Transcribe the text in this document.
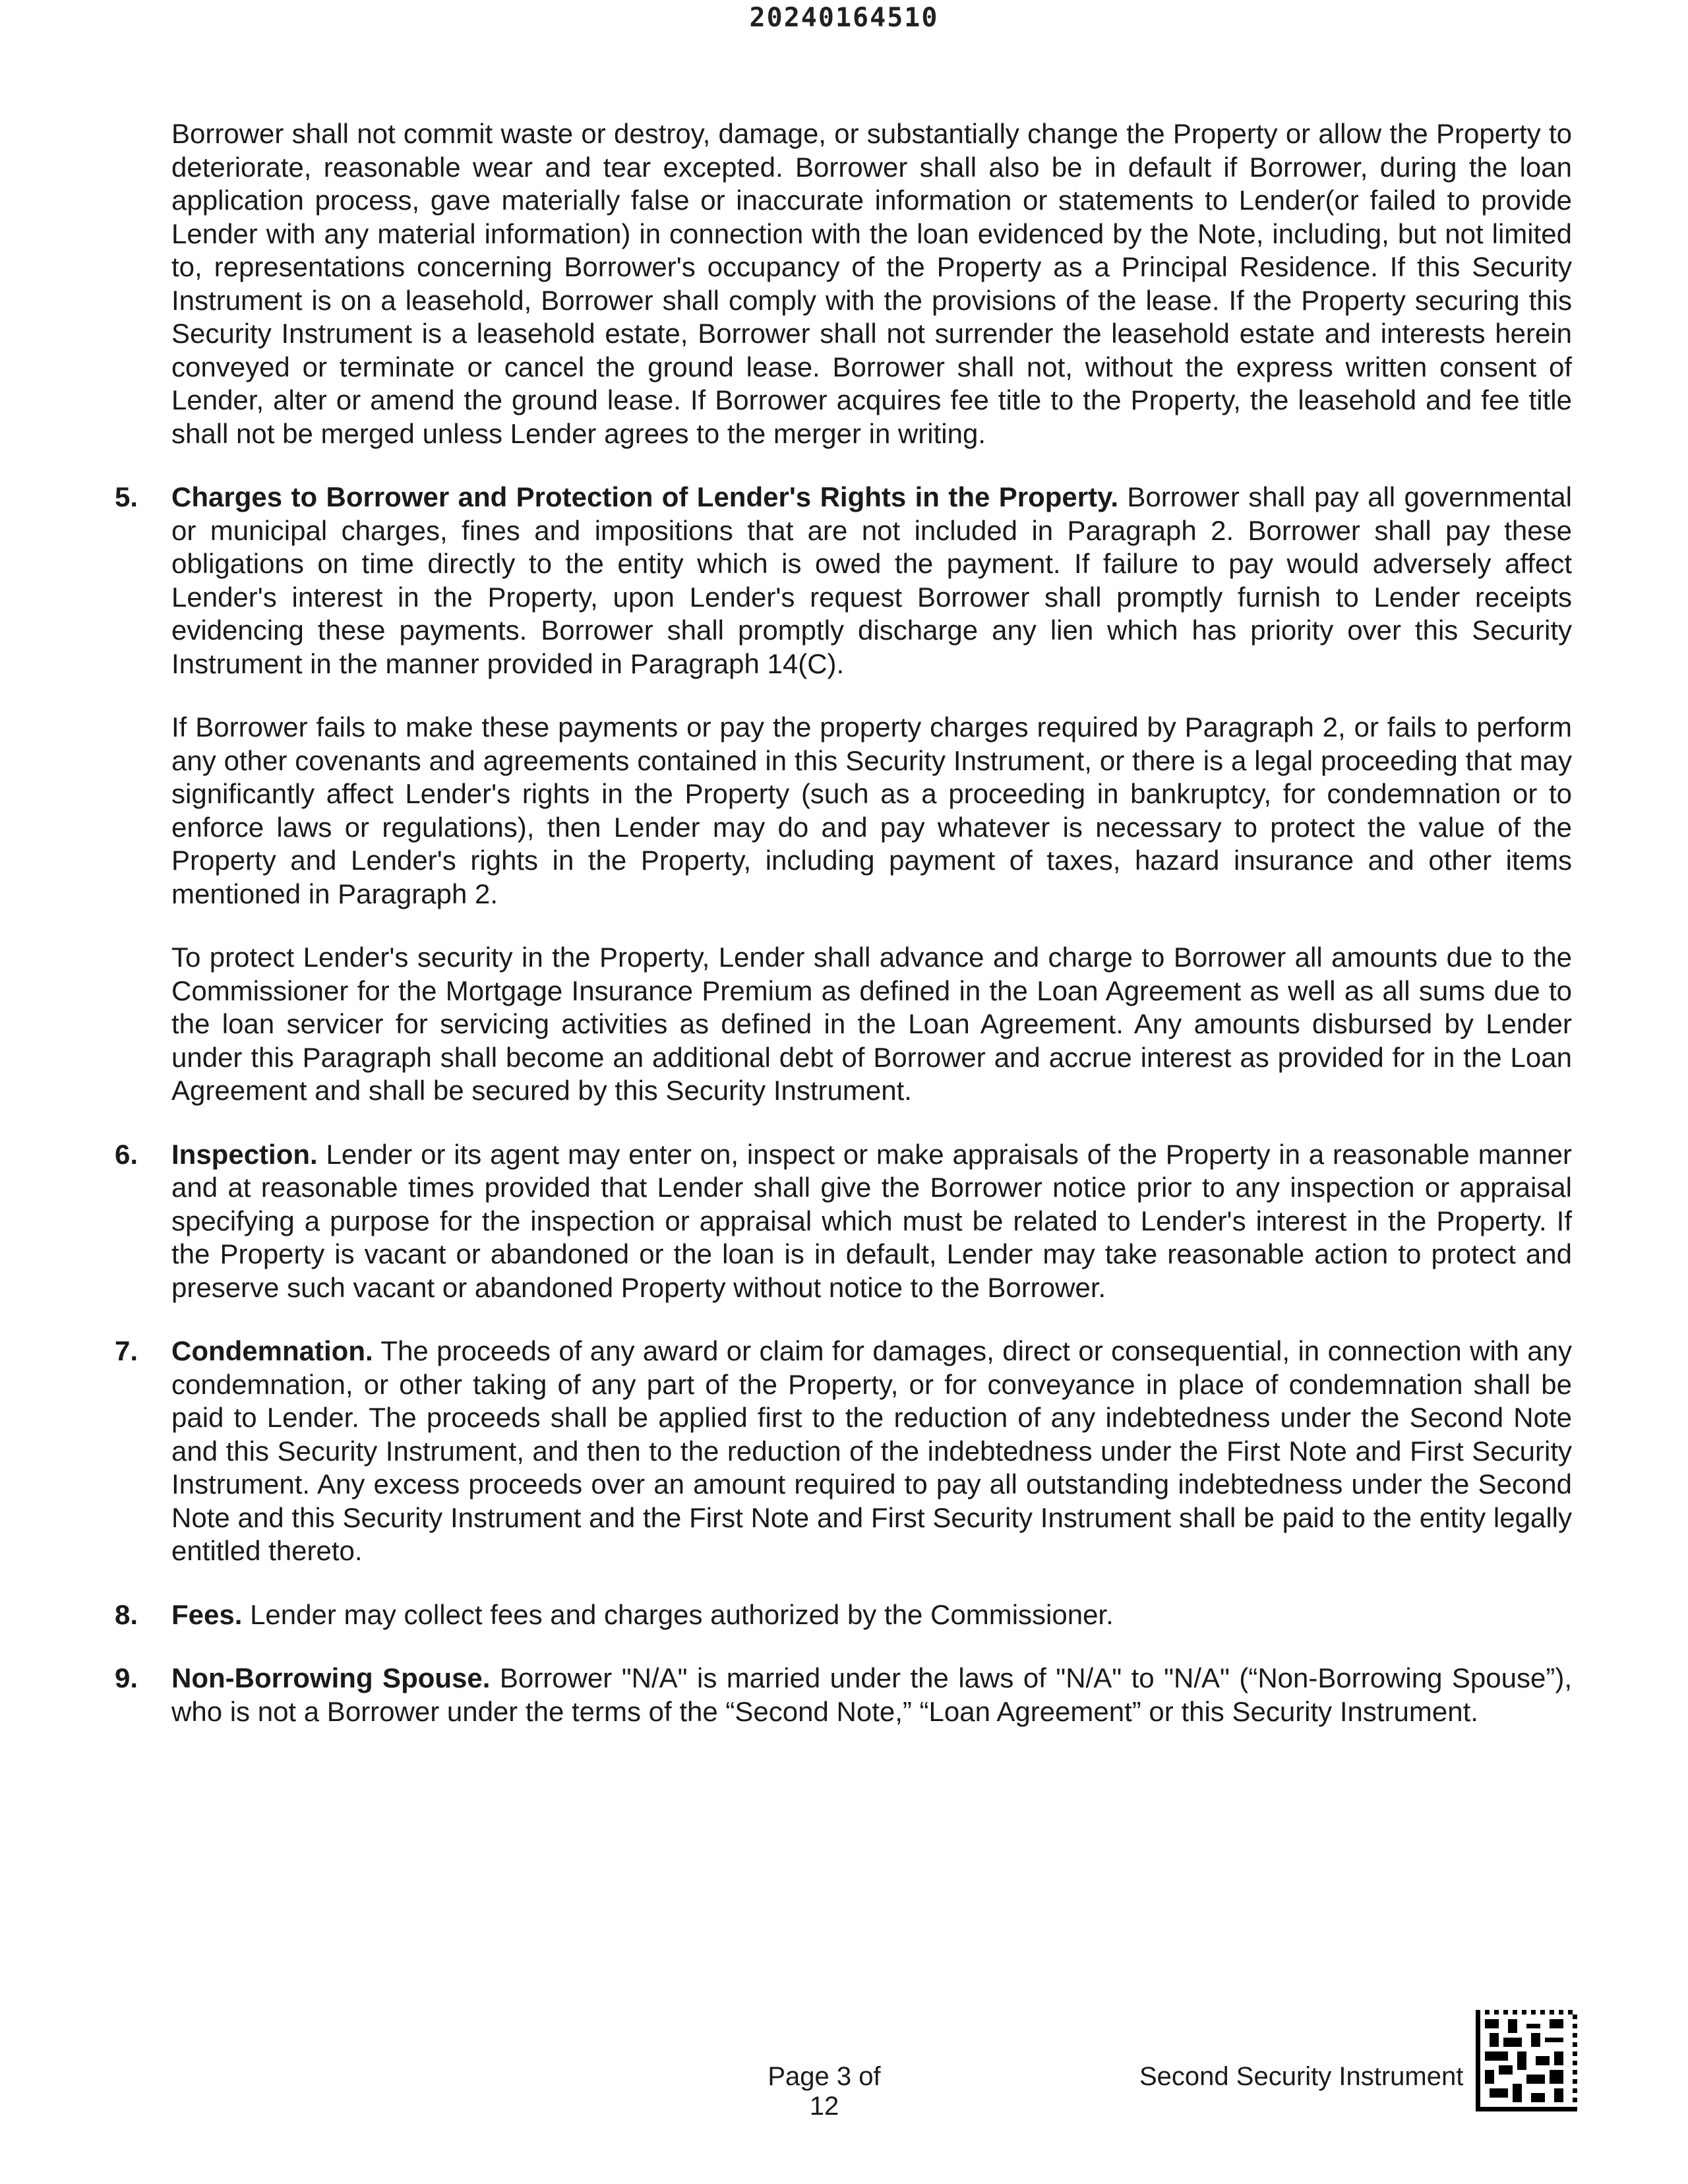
20240164510

Borrower shall not commit waste or destroy, damage, or substantially change the Property or allow the Property to deteriorate, reasonable wear and tear excepted. Borrower shall also be in default if Borrower, during the loan application process, gave materially false or inaccurate information or statements to Lender(or failed to provide Lender with any material information) in connection with the loan evidenced by the Note, including, but not limited to, representations concerning Borrower's occupancy of the Property as a Principal Residence. If this Security Instrument is on a leasehold, Borrower shall comply with the provisions of the lease. If the Property securing this Security Instrument is a leasehold estate, Borrower shall not surrender the leasehold estate and interests herein conveyed or terminate or cancel the ground lease. Borrower shall not, without the express written consent of Lender, alter or amend the ground lease. If Borrower acquires fee title to the Property, the leasehold and fee title shall not be merged unless Lender agrees to the merger in writing.

5. Charges to Borrower and Protection of Lender's Rights in the Property. Borrower shall pay all governmental or municipal charges, fines and impositions that are not included in Paragraph 2. Borrower shall pay these obligations on time directly to the entity which is owed the payment. If failure to pay would adversely affect Lender's interest in the Property, upon Lender's request Borrower shall promptly furnish to Lender receipts evidencing these payments. Borrower shall promptly discharge any lien which has priority over this Security Instrument in the manner provided in Paragraph 14(C).

If Borrower fails to make these payments or pay the property charges required by Paragraph 2, or fails to perform any other covenants and agreements contained in this Security Instrument, or there is a legal proceeding that may significantly affect Lender's rights in the Property (such as a proceeding in bankruptcy, for condemnation or to enforce laws or regulations), then Lender may do and pay whatever is necessary to protect the value of the Property and Lender's rights in the Property, including payment of taxes, hazard insurance and other items mentioned in Paragraph 2.

To protect Lender's security in the Property, Lender shall advance and charge to Borrower all amounts due to the Commissioner for the Mortgage Insurance Premium as defined in the Loan Agreement as well as all sums due to the loan servicer for servicing activities as defined in the Loan Agreement. Any amounts disbursed by Lender under this Paragraph shall become an additional debt of Borrower and accrue interest as provided for in the Loan Agreement and shall be secured by this Security Instrument.

6. Inspection. Lender or its agent may enter on, inspect or make appraisals of the Property in a reasonable manner and at reasonable times provided that Lender shall give the Borrower notice prior to any inspection or appraisal specifying a purpose for the inspection or appraisal which must be related to Lender's interest in the Property. If the Property is vacant or abandoned or the loan is in default, Lender may take reasonable action to protect and preserve such vacant or abandoned Property without notice to the Borrower.

7. Condemnation. The proceeds of any award or claim for damages, direct or consequential, in connection with any condemnation, or other taking of any part of the Property, or for conveyance in place of condemnation shall be paid to Lender. The proceeds shall be applied first to the reduction of any indebtedness under the Second Note and this Security Instrument, and then to the reduction of the indebtedness under the First Note and First Security Instrument. Any excess proceeds over an amount required to pay all outstanding indebtedness under the Second Note and this Security Instrument and the First Note and First Security Instrument shall be paid to the entity legally entitled thereto.

8. Fees. Lender may collect fees and charges authorized by the Commissioner.

9. Non-Borrowing Spouse. Borrower "N/A" is married under the laws of "N/A" to "N/A" (“Non-Borrowing Spouse”), who is not a Borrower under the terms of the “Second Note,” “Loan Agreement” or this Security Instrument.

Page 3 of 12
Second Security Instrument
